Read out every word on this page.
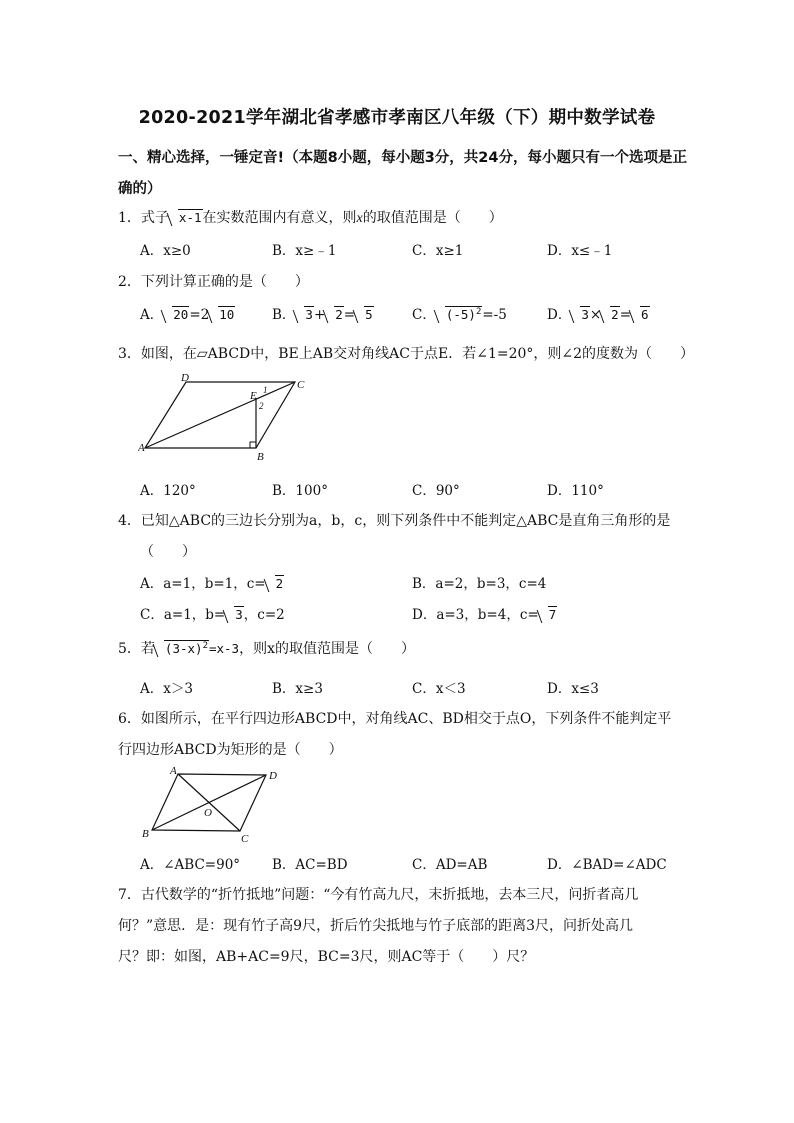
2020-2021学年湖北省孝感市孝南区八年级（下）期中数学试卷
一、精心选择，一锤定音!（本题8小题，每小题3分，共24分，每小题只有一个选项是正
确的）
1．式子 x-1在实数范围内有意义，则x的取值范围是（　　）
A．x≥0	B．x≥﹣1	C．x≥1	D．x≤﹣1
2．下列计算正确的是（　　）
A． 20=2 10	B． 3+ 2= 5	C． $(-5)^2=-5$	D． 3× 2= 6
3．如图，在▱ABCD中，BE上AB交对角线AC于点E．若∠1=20°，则∠2的度数为（　　）
A
B
C
D
E 1
2
A．120°	B．100°	C．90°	D．110°
4．已知△ABC的三边长分别为a，b，c，则下列条件中不能判定△ABC是直角三角形的是
（　　）
A．a=1，b=1，c= 2	B．a=2，b=3，c=4
C．a=1，b= 3，c=2	D．a=3，b=4，c= 7
5．若 $(3-x)^2=x-3$，则x的取值范围是（　　）
A．x＞3	B．x≥3	C．x＜3	D．x≤3
6．如图所示，在平行四边形ABCD中，对角线AC、BD相交于点O，下列条件不能判定平
行四边形ABCD为矩形的是（　　）
A
B	C
D
O
A．∠ABC=90° B．AC=BD	C．AD=AB	D．∠BAD=∠ADC
7．古代数学的“折竹抵地”问题：“今有竹高九尺，末折抵地，去本三尺，问折者高几
何？”意思．是：现有竹子高9尺，折后竹尖抵地与竹子底部的距离3尺，问折处高几
尺？即：如图，AB+AC=9尺，BC=3尺，则AC等于（　　）尺？
